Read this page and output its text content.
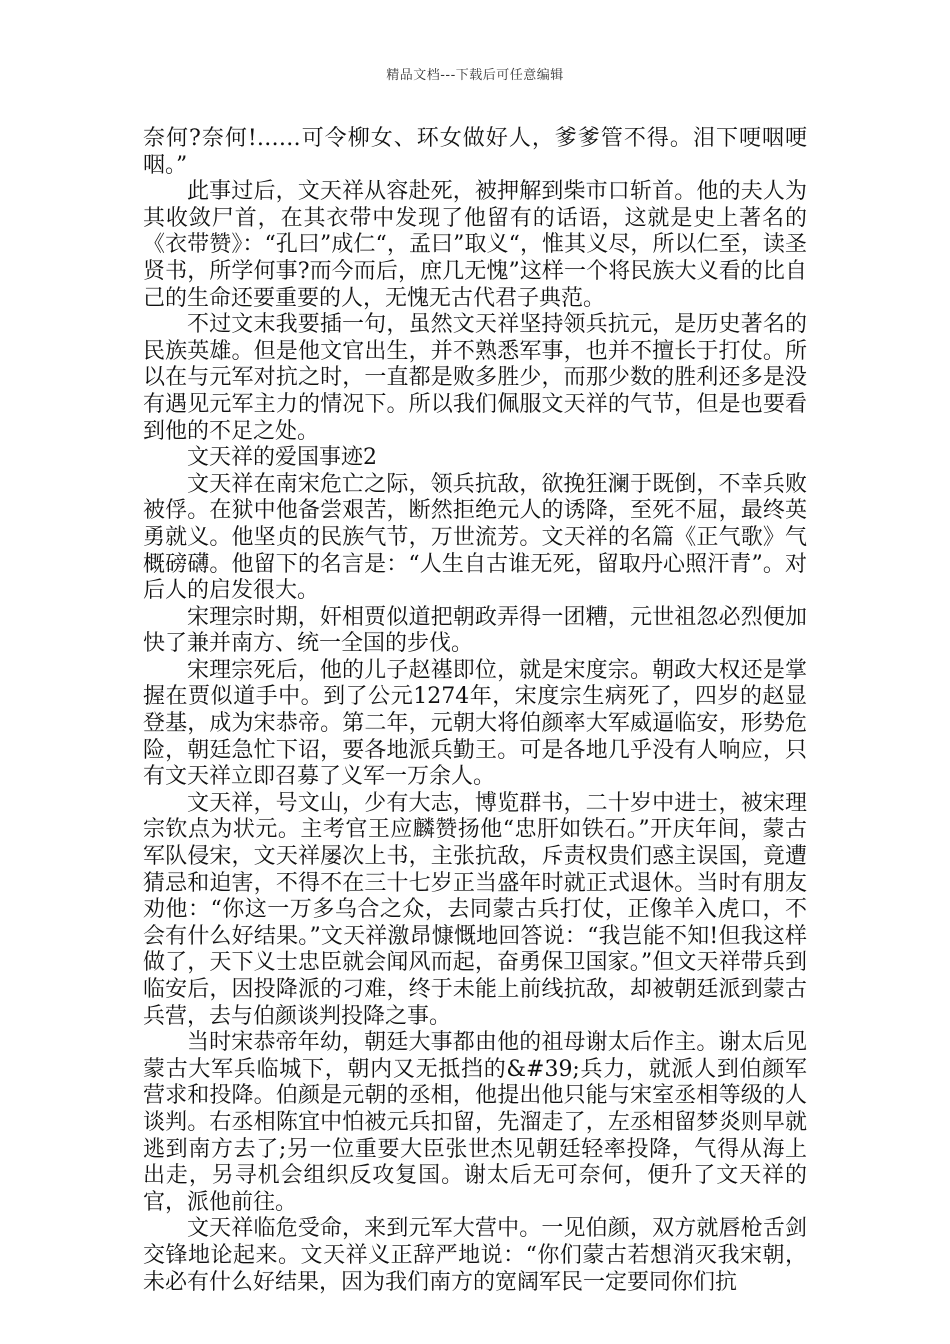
精品文档---下载后可任意编辑

奈何?奈何!……可令柳女、环女做好人，爹爹管不得。泪下哽咽哽咽。”

此事过后，文天祥从容赴死，被押解到柴市口斩首。他的夫人为其收敛尸首，在其衣带中发现了他留有的话语，这就是史上著名的《衣带赞》：“孔曰”成仁“，孟曰”取义“，惟其义尽，所以仁至，读圣贤书，所学何事?而今而后，庶几无愧”这样一个将民族大义看的比自己的生命还要重要的人，无愧无古代君子典范。

不过文末我要插一句，虽然文天祥坚持领兵抗元，是历史著名的民族英雄。但是他文官出生，并不熟悉军事，也并不擅长于打仗。所以在与元军对抗之时，一直都是败多胜少，而那少数的胜利还多是没有遇见元军主力的情况下。所以我们佩服文天祥的气节，但是也要看到他的不足之处。

文天祥的爱国事迹2

文天祥在南宋危亡之际，领兵抗敌，欲挽狂澜于既倒，不幸兵败被俘。在狱中他备尝艰苦，断然拒绝元人的诱降，至死不屈，最终英勇就义。他坚贞的民族气节，万世流芳。文天祥的名篇《正气歌》气概磅礴。他留下的名言是：“人生自古谁无死，留取丹心照汗青”。对后人的启发很大。

宋理宗时期，奸相贾似道把朝政弄得一团糟，元世祖忽必烈便加快了兼并南方、统一全国的步伐。

宋理宗死后，他的儿子赵禥即位，就是宋度宗。朝政大权还是掌握在贾似道手中。到了公元1274年，宋度宗生病死了，四岁的赵显登基，成为宋恭帝。第二年，元朝大将伯颜率大军威逼临安，形势危险，朝廷急忙下诏，要各地派兵勤王。可是各地几乎没有人响应，只有文天祥立即召募了义军一万余人。

文天祥，号文山，少有大志，博览群书，二十岁中进士，被宋理宗钦点为状元。主考官王应麟赞扬他“忠肝如铁石。”开庆年间，蒙古军队侵宋，文天祥屡次上书，主张抗敌，斥责权贵们惑主误国，竟遭猜忌和迫害，不得不在三十七岁正当盛年时就正式退休。当时有朋友劝他：“你这一万多乌合之众，去同蒙古兵打仗，正像羊入虎口，不会有什么好结果。”文天祥激昂慷慨地回答说：“我岂能不知!但我这样做了，天下义士忠臣就会闻风而起，奋勇保卫国家。”但文天祥带兵到临安后，因投降派的刁难，终于未能上前线抗敌，却被朝廷派到蒙古兵营，去与伯颜谈判投降之事。

当时宋恭帝年幼，朝廷大事都由他的祖母谢太后作主。谢太后见蒙古大军兵临城下，朝内又无抵挡的&#39;兵力，就派人到伯颜军营求和投降。伯颜是元朝的丞相，他提出他只能与宋室丞相等级的人谈判。右丞相陈宜中怕被元兵扣留，先溜走了，左丞相留梦炎则早就逃到南方去了;另一位重要大臣张世杰见朝廷轻率投降，气得从海上出走，另寻机会组织反攻复国。谢太后无可奈何，便升了文天祥的官，派他前往。

文天祥临危受命，来到元军大营中。一见伯颜，双方就唇枪舌剑交锋地论起来。文天祥义正辞严地说：“你们蒙古若想消灭我宋朝，未必有什么好结果，因为我们南方的宽阔军民一定要同你们抗
